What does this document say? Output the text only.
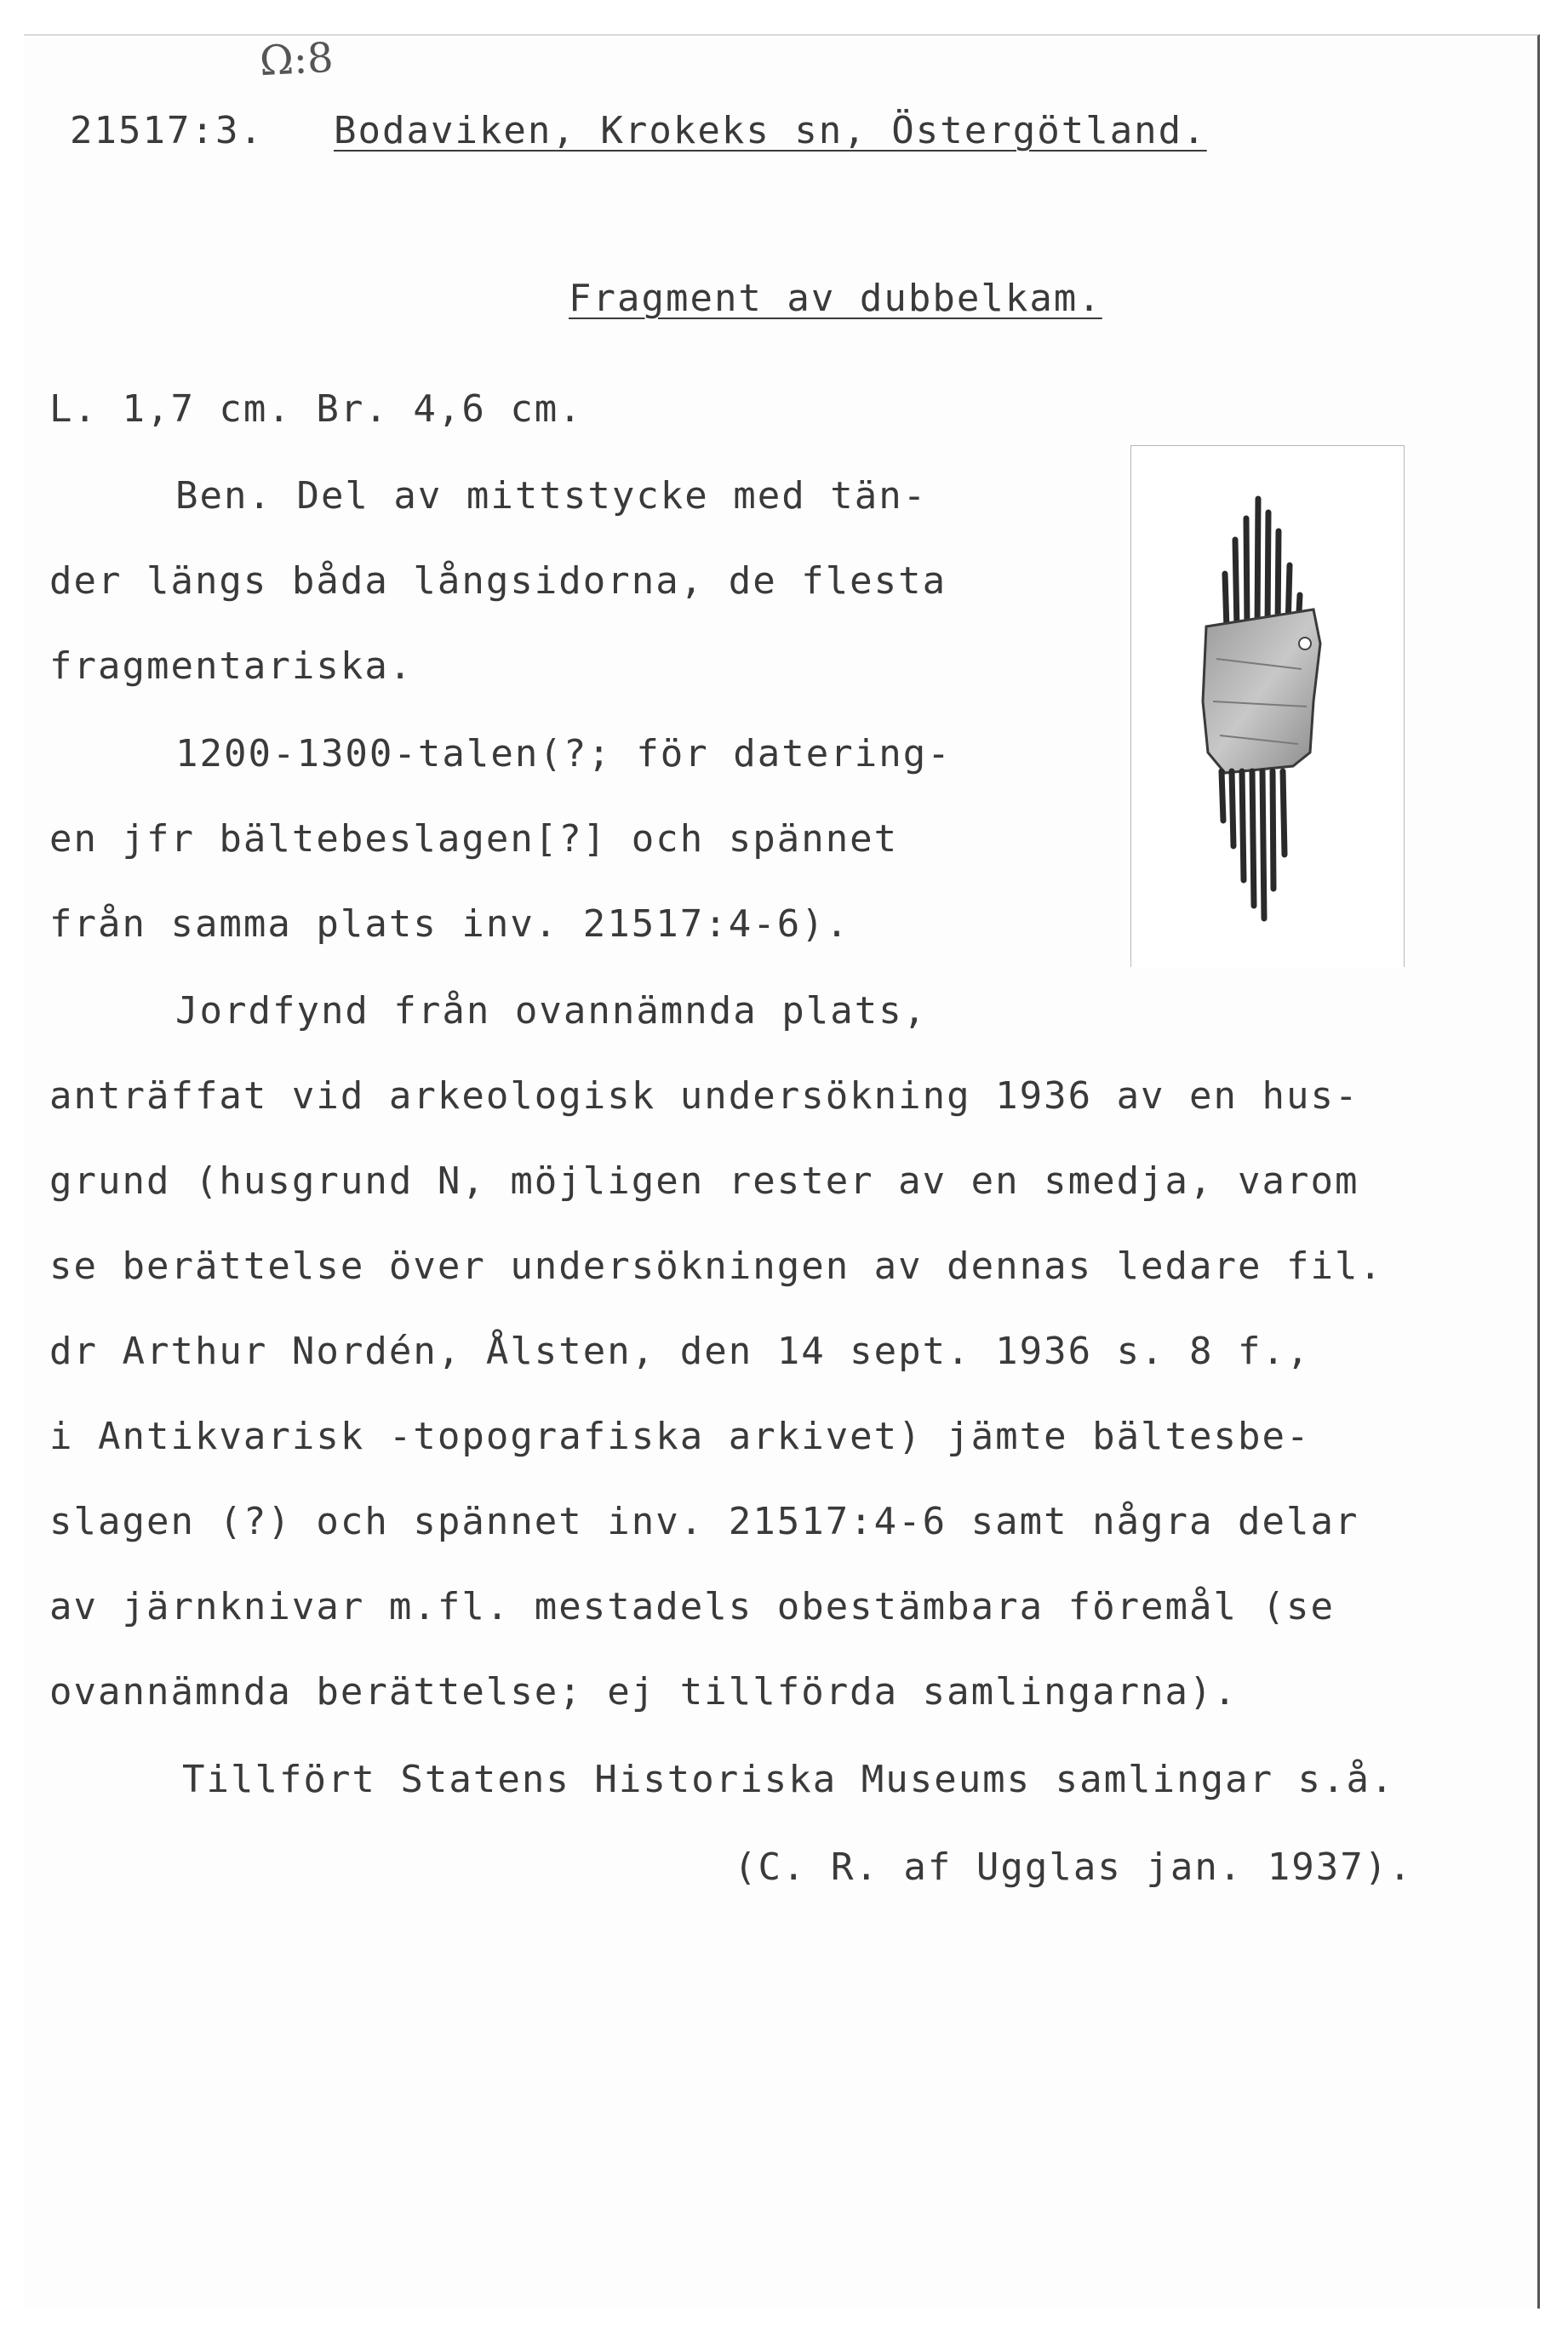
Ω:8
21517:3. Bodaviken, Krokeks sn, Östergötland.
Fragment av dubbelkam.
L. 1,7 cm. Br. 4,6 cm.
Ben. Del av mittstycke med tän-
der längs båda långsidorna, de flesta
fragmentariska.
1200-1300-talen(?; för datering-
en jfr bältebeslagen[?] och spännet
från samma plats inv. 21517:4-6).
Jordfynd från ovannämnda plats,
anträffat vid arkeologisk undersökning 1936 av en hus-
grund (husgrund N, möjligen rester av en smedja, varom
se berättelse över undersökningen av dennas ledare fil.
dr Arthur Nordén, Ålsten, den 14 sept. 1936 s. 8 f.,
i Antikvarisk -topografiska arkivet) jämte bältesbe-
slagen (?) och spännet inv. 21517:4-6 samt några delar
av järnknivar m.fl. mestadels obestämbara föremål (se
ovannämnda berättelse; ej tillförda samlingarna).
Tillfört Statens Historiska Museums samlingar s.å.
(C. R. af Ugglas jan. 1937).
